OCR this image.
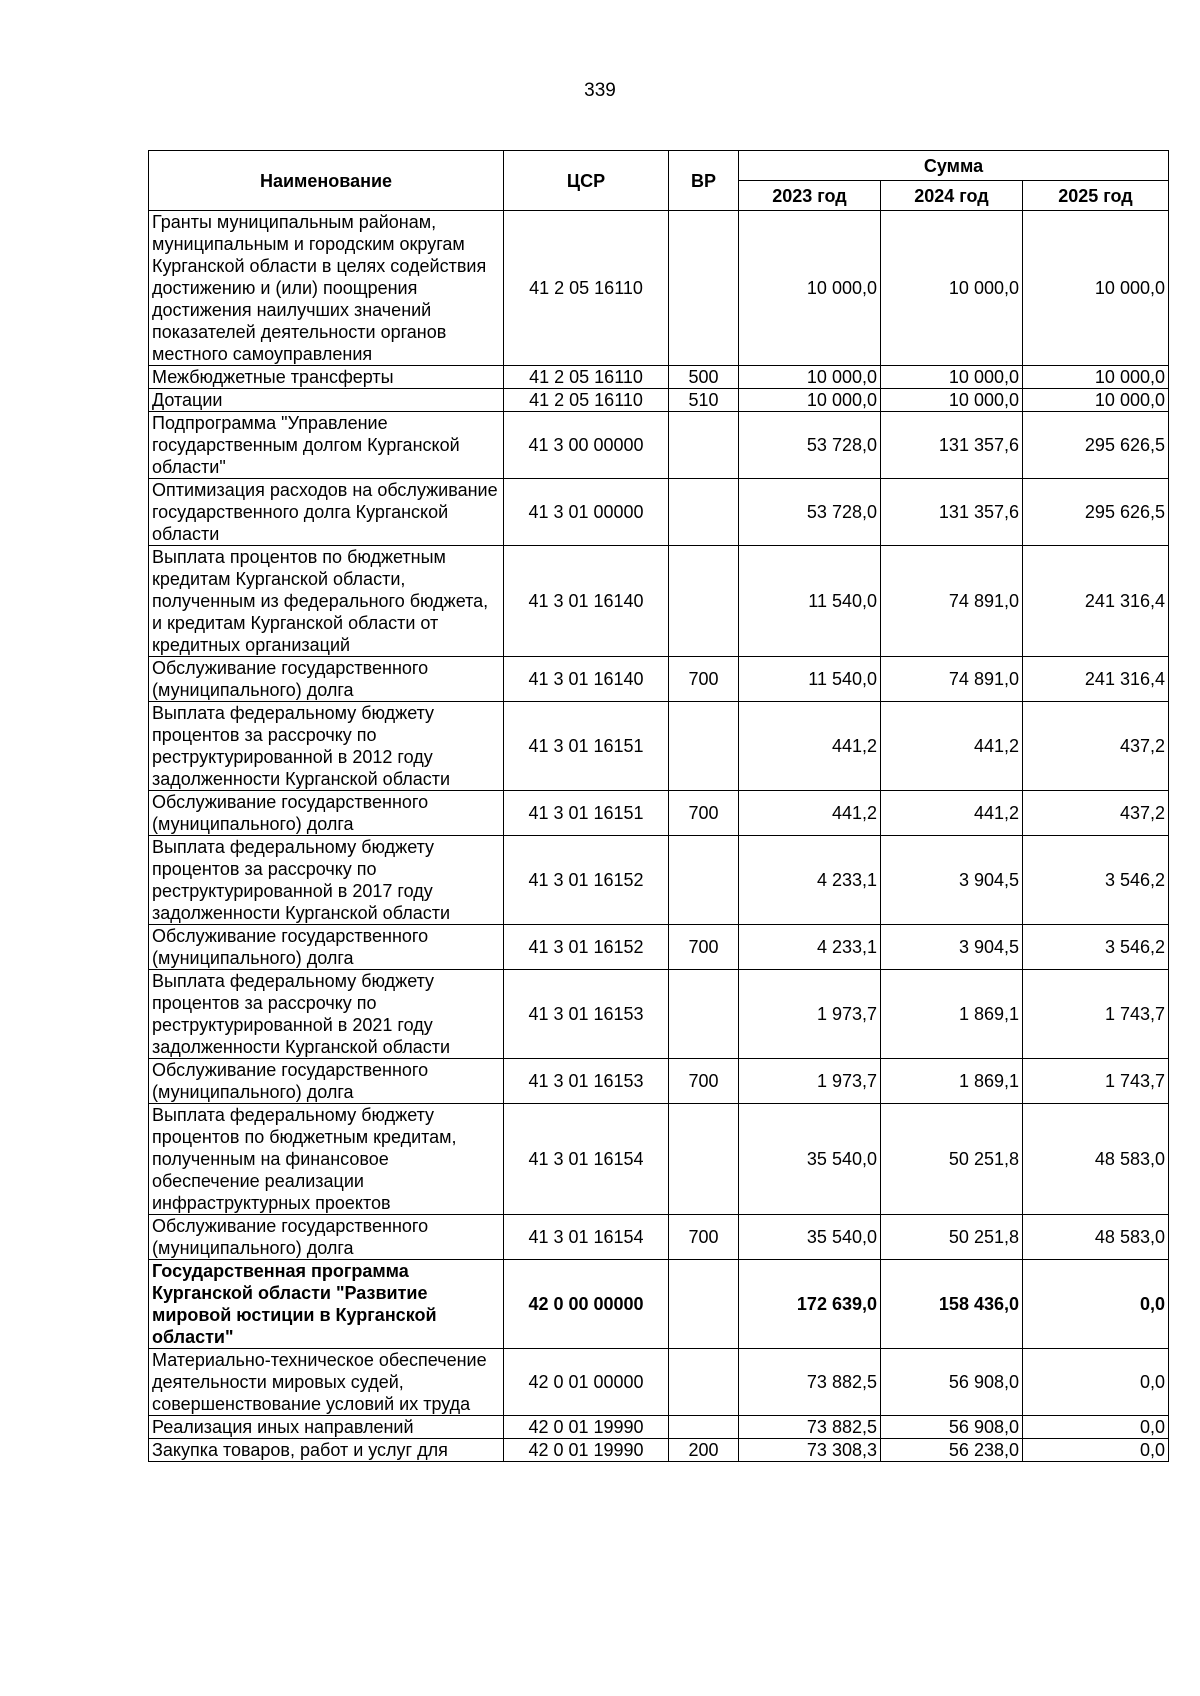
339
Наименование	ЦСР	ВР	Сумма		
			2023 год	2024 год	2025 год
Гранты муниципальным районам, муниципальным и городским округам Курганской области в целях содействия достижению и (или) поощрения достижения наилучших значений показателей деятельности органов местного самоуправления	41 2 05 16110		10 000,0	10 000,0	10 000,0
Межбюджетные трансферты	41 2 05 16110	500	10 000,0	10 000,0	10 000,0
Дотации	41 2 05 16110	510	10 000,0	10 000,0	10 000,0
Подпрограмма "Управление государственным долгом Курганской области"	41 3 00 00000		53 728,0	131 357,6	295 626,5
Оптимизация расходов на обслуживание государственного долга Курганской области	41 3 01 00000		53 728,0	131 357,6	295 626,5
Выплата процентов по бюджетным кредитам Курганской области, полученным из федерального бюджета, и кредитам Курганской области от кредитных организаций	41 3 01 16140		11 540,0	74 891,0	241 316,4
Обслуживание государственного (муниципального) долга	41 3 01 16140	700	11 540,0	74 891,0	241 316,4
Выплата федеральному бюджету процентов за рассрочку по реструктурированной в 2012 году задолженности Курганской области	41 3 01 16151		441,2	441,2	437,2
Обслуживание государственного (муниципального) долга	41 3 01 16151	700	441,2	441,2	437,2
Выплата федеральному бюджету процентов за рассрочку по реструктурированной в 2017 году задолженности Курганской области	41 3 01 16152		4 233,1	3 904,5	3 546,2
Обслуживание государственного (муниципального) долга	41 3 01 16152	700	4 233,1	3 904,5	3 546,2
Выплата федеральному бюджету процентов за рассрочку по реструктурированной в 2021 году задолженности Курганской области	41 3 01 16153		1 973,7	1 869,1	1 743,7
Обслуживание государственного (муниципального) долга	41 3 01 16153	700	1 973,7	1 869,1	1 743,7
Выплата федеральному бюджету процентов по бюджетным кредитам, полученным на финансовое обеспечение реализации инфраструктурных проектов	41 3 01 16154		35 540,0	50 251,8	48 583,0
Обслуживание государственного (муниципального) долга	41 3 01 16154	700	35 540,0	50 251,8	48 583,0
Государственная программа Курганской области "Развитие мировой юстиции в Курганской области"	42 0 00 00000		172 639,0	158 436,0	0,0
Материально-техническое обеспечение деятельности мировых судей, совершенствование условий их труда	42 0 01 00000		73 882,5	56 908,0	0,0
Реализация иных направлений	42 0 01 19990		73 882,5	56 908,0	0,0
Закупка товаров, работ и услуг для	42 0 01 19990	200	73 308,3	56 238,0	0,0
